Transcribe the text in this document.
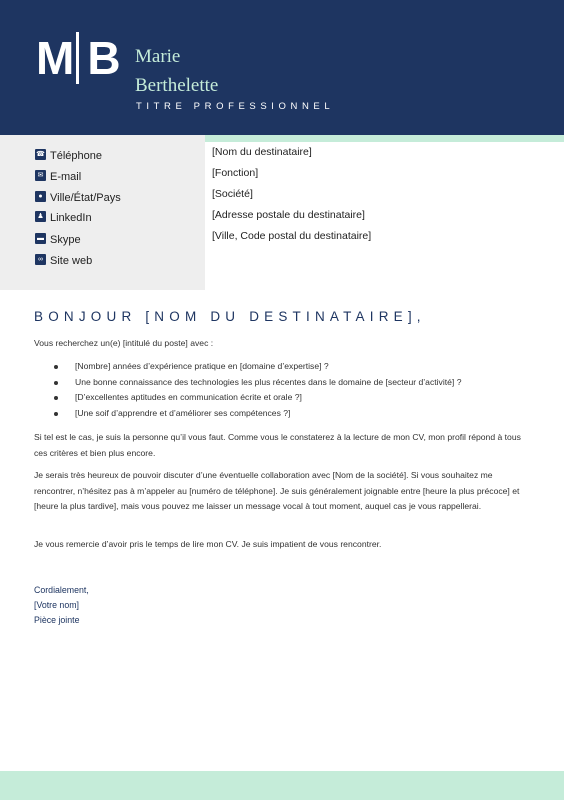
M B Marie
Berthelette
TITRE PROFESSIONNEL
☎ Téléphone
✉ E-mail
● Ville/État/Pays
♟ LinkedIn
▬ Skype
∞ Site web
[Nom du destinataire]
[Fonction]
[Société]
[Adresse postale du destinataire]
[Ville, Code postal du destinataire]
BONJOUR [NOM DU DESTINATAIRE],
Vous recherchez un(e) [intitulé du poste] avec :
[Nombre] années d’expérience pratique en [domaine d’expertise] ?
Une bonne connaissance des technologies les plus récentes dans le domaine de [secteur d’activité] ?
[D’excellentes aptitudes en communication écrite et orale ?]
[Une soif d’apprendre et d’améliorer ses compétences ?]
Si tel est le cas, je suis la personne qu’il vous faut. Comme vous le constaterez à la lecture de mon CV, mon profil répond à tous ces critères et bien plus encore.
Je serais très heureux de pouvoir discuter d’une éventuelle collaboration avec [Nom de la société]. Si vous souhaitez me rencontrer, n’hésitez pas à m’appeler au [numéro de téléphone]. Je suis généralement joignable entre [heure la plus précoce] et [heure la plus tardive], mais vous pouvez me laisser un message vocal à tout moment, auquel cas je vous rappellerai.
Je vous remercie d’avoir pris le temps de lire mon CV. Je suis impatient de vous rencontrer.
Cordialement,
[Votre nom]
Pièce jointe
